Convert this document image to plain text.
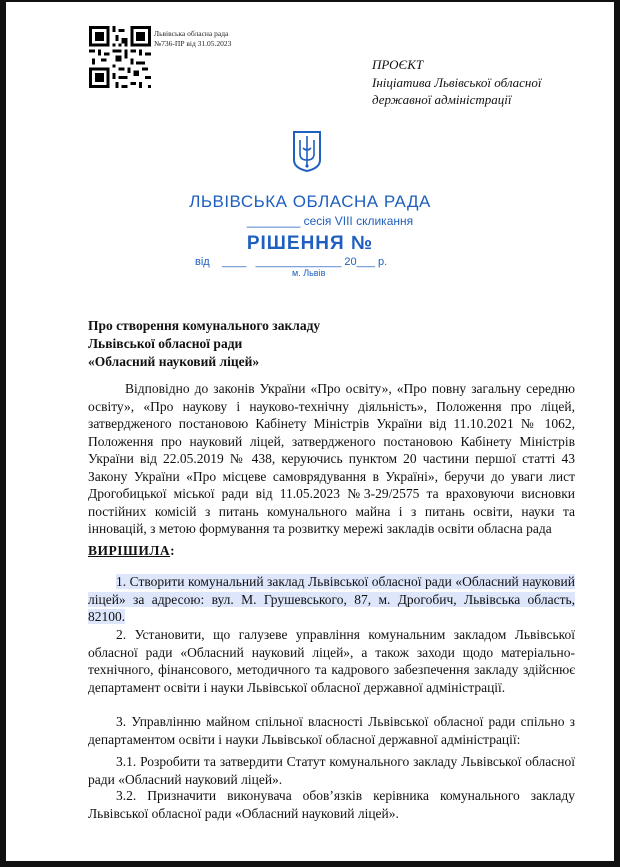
Львівська обласна рада
№736-ПР від 31.05.2023
ПРОЄКТ
Ініціатива Львівської обласної
державної адміністрації
ЛЬВІВСЬКА ОБЛАСНА РАДА
________ сесія VIII скликання
РІШЕННЯ №
від ____ ______________ 20___ р.
м. Львів
Про створення комунального закладу
Львівської обласної ради
«Обласний науковий ліцей»
Відповідно до законів України «Про освіту», «Про повну загальну середню освіту», «Про наукову і науково-технічну діяльність», Положення про ліцей, затвердженого постановою Кабінету Міністрів України від 11.10.2021 № 1062, Положення про науковий ліцей, затвердженого постановою Кабінету Міністрів України від 22.05.2019 № 438, керуючись пунктом 20 частини першої статті 43 Закону України «Про місцеве самоврядування в Україні», беручи до уваги лист Дрогобицької міської ради від 11.05.2023 №3-29/2575 та враховуючи висновки постійних комісій з питань комунального майна і з питань освіти, науки та інновацій, з метою формування та розвитку мережі закладів освіти обласна рада
ВИРІШИЛА:
1. Створити комунальний заклад Львівської обласної ради «Обласний науковий ліцей» за адресою: вул. М. Грушевського, 87, м. Дрогобич, Львівська область, 82100.
2. Установити, що галузеве управління комунальним закладом Львівської обласної ради «Обласний науковий ліцей», а також заходи щодо матеріально-технічного, фінансового, методичного та кадрового забезпечення закладу здійснює департамент освіти і науки Львівської обласної державної адміністрації.
3. Управлінню майном спільної власності Львівської обласної ради спільно з департаментом освіти і науки Львівської обласної державної адміністрації:
3.1. Розробити та затвердити Статут комунального закладу Львівської обласної ради «Обласний науковий ліцей».
3.2. Призначити виконувача обов’язків керівника комунального закладу Львівської обласної ради «Обласний науковий ліцей».
